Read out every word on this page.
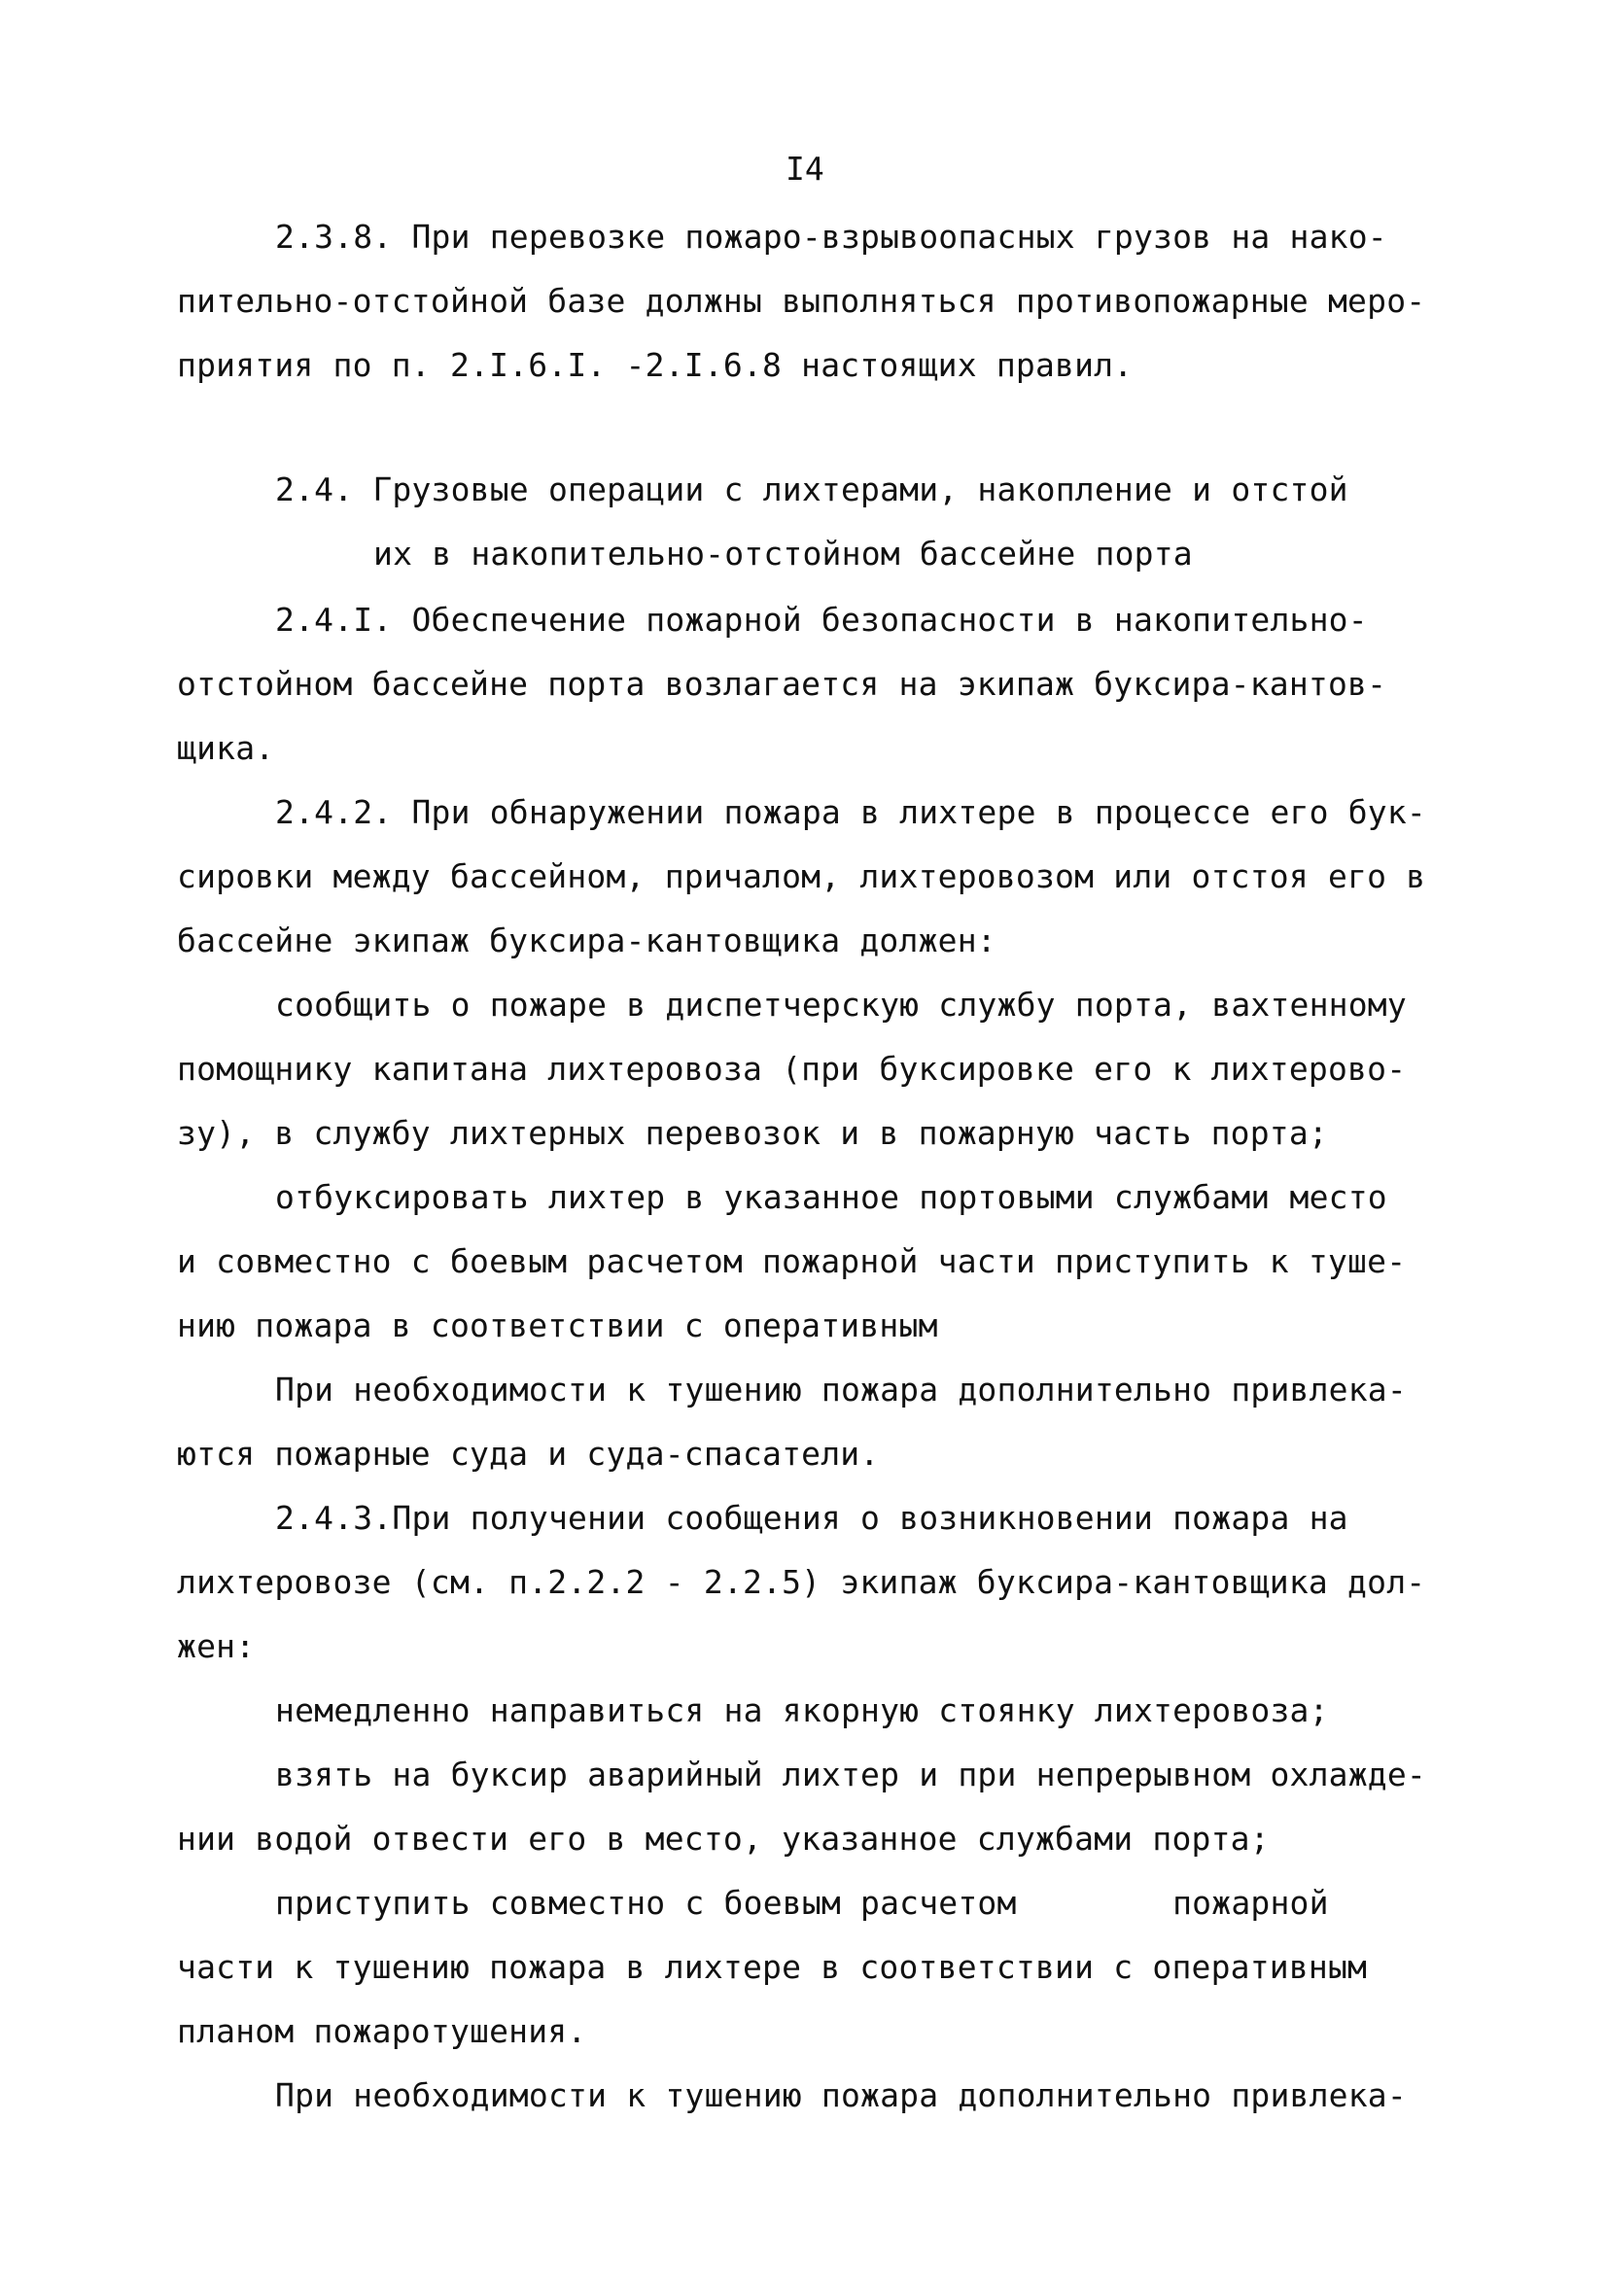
I4
2.3.8. При перевозке пожаро-взрывоопасных грузов на нако-
пительно-отстойной базе должны выполняться противопожарные меро-
приятия по п. 2.I.6.I. -2.I.6.8 настоящих правил.
2.4. Грузовые операции с лихтерами, накопление и отстой
их в накопительно-отстойном бассейне порта
2.4.I. Обеспечение пожарной безопасности в накопительно-
отстойном бассейне порта возлагается на экипаж буксира-кантов-
щика.
2.4.2. При обнаружении пожара в лихтере в процессе его бук-
сировки между бассейном, причалом, лихтеровозом или отстоя его в
бассейне экипаж буксира-кантовщика должен:
сообщить о пожаре в диспетчерскую службу порта, вахтенному
помощнику капитана лихтеровоза (при буксировке его к лихтерово-
зу), в службу лихтерных перевозок и в пожарную часть порта;
отбуксировать лихтер в указанное портовыми службами место
и совместно с боевым расчетом пожарной части приступить к туше-
нию пожара в соответствии с оперативным
При необходимости к тушению пожара дополнительно привлека-
ются пожарные суда и суда-спасатели.
2.4.3.При получении сообщения о возникновении пожара на
лихтеровозе (см. п.2.2.2 - 2.2.5) экипаж буксира-кантовщика дол-
жен:
немедленно направиться на якорную стоянку лихтеровоза;
взять на буксир аварийный лихтер и при непрерывном охлажде-
нии водой отвести его в место, указанное службами порта;
приступить совместно с боевым расчетом        пожарной
части к тушению пожара в лихтере в соответствии с оперативным
планом пожаротушения.
При необходимости к тушению пожара дополнительно привлека-
